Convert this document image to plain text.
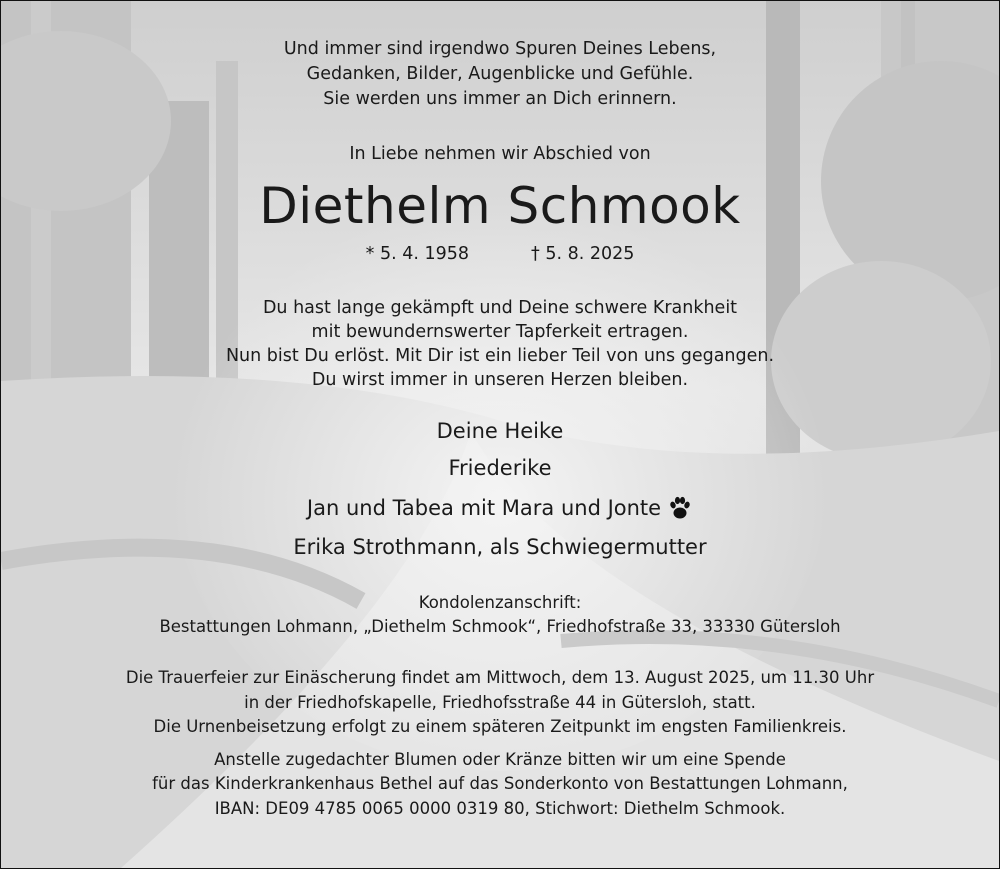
Und immer sind irgendwo Spuren Deines Lebens,
Gedanken, Bilder, Augenblicke und Gefühle.
Sie werden uns immer an Dich erinnern.
In Liebe nehmen wir Abschied von
Diethelm Schmook
* 5. 4. 1958	† 5. 8. 2025
Du hast lange gekämpft und Deine schwere Krankheit
mit bewundernswerter Tapferkeit ertragen.
Nun bist Du erlöst. Mit Dir ist ein lieber Teil von uns gegangen.
Du wirst immer in unseren Herzen bleiben.
Deine Heike
Friederike
Jan und Tabea mit Mara und Jonte
Erika Strothmann, als Schwiegermutter
Kondolenzanschrift:
Bestattungen Lohmann, „Diethelm Schmook“, Friedhofstraße 33, 33330 Gütersloh
Die Trauerfeier zur Einäscherung findet am Mittwoch, dem 13. August 2025, um 11.30 Uhr
in der Friedhofskapelle, Friedhofsstraße 44 in Gütersloh, statt.
Die Urnenbeisetzung erfolgt zu einem späteren Zeitpunkt im engsten Familienkreis.
Anstelle zugedachter Blumen oder Kränze bitten wir um eine Spende
für das Kinderkrankenhaus Bethel auf das Sonderkonto von Bestattungen Lohmann,
IBAN: DE09 4785 0065 0000 0319 80, Stichwort: Diethelm Schmook.
